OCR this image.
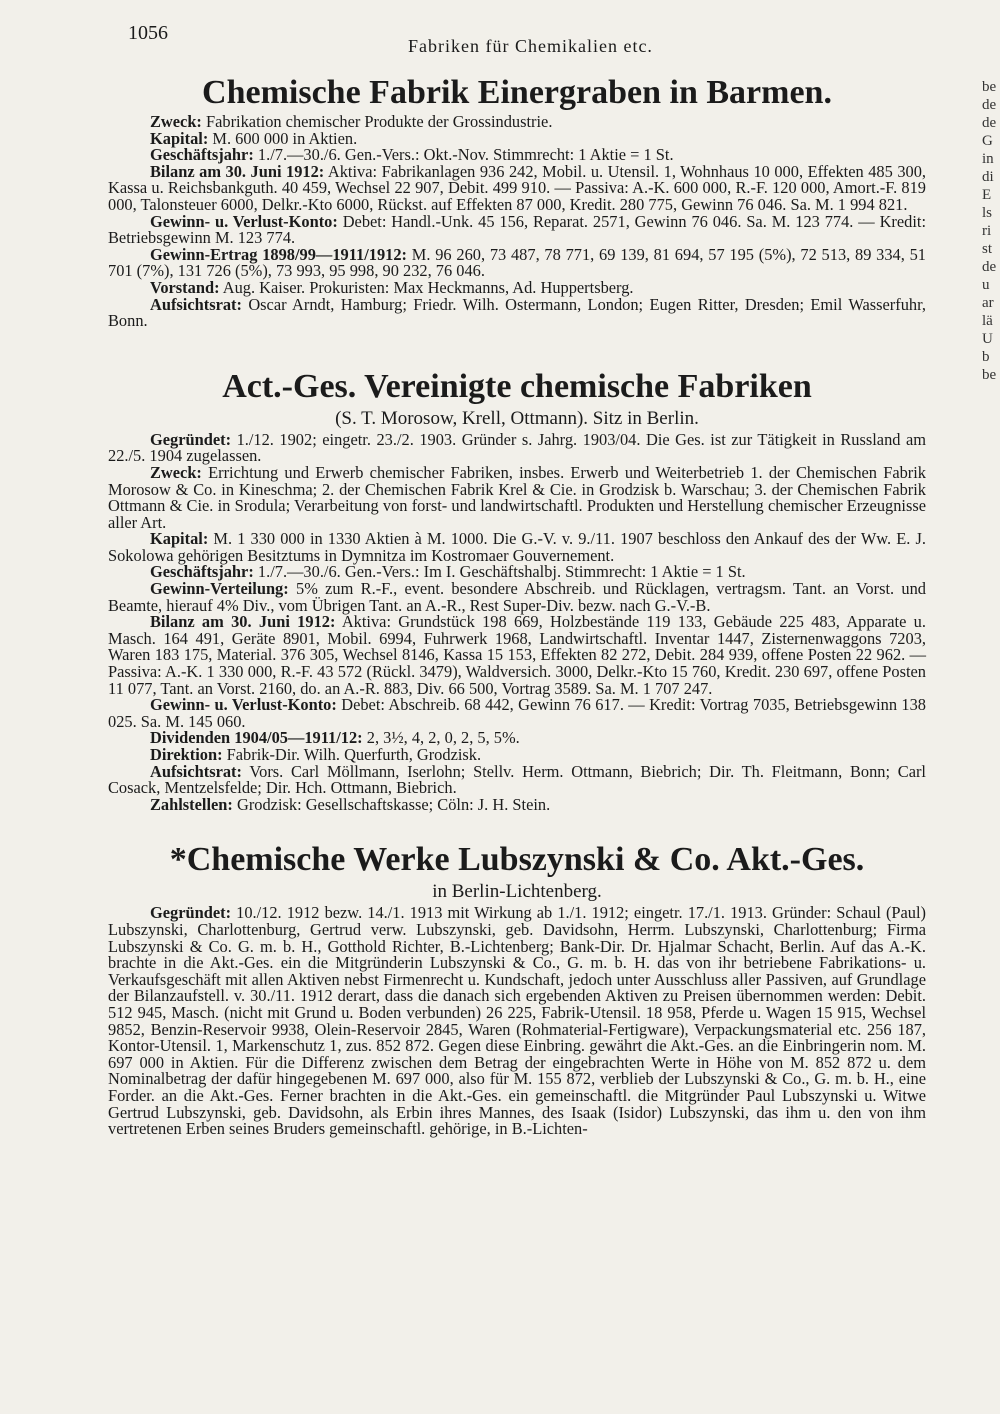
1056
Fabriken für Chemikalien etc.
be
de
de
G
in
di
E
ls
ri
st
de
u
ar
lä
U
b
be
Chemische Fabrik Einergraben in Barmen.

Zweck: Fabrikation chemischer Produkte der Grossindustrie.

Kapital: M. 600 000 in Aktien.

Geschäftsjahr: 1./7.—30./6. Gen.-Vers.: Okt.-Nov. Stimmrecht: 1 Aktie = 1 St.

Bilanz am 30. Juni 1912: Aktiva: Fabrikanlagen 936 242, Mobil. u. Utensil. 1, Wohnhaus 10 000, Effekten 485 300, Kassa u. Reichsbankguth. 40 459, Wechsel 22 907, Debit. 499 910. — Passiva: A.-K. 600 000, R.-F. 120 000, Amort.-F. 819 000, Talonsteuer 6000, Delkr.-Kto 6000, Rückst. auf Effekten 87 000, Kredit. 280 775, Gewinn 76 046. Sa. M. 1 994 821.

Gewinn- u. Verlust-Konto: Debet: Handl.-Unk. 45 156, Reparat. 2571, Gewinn 76 046. Sa. M. 123 774. — Kredit: Betriebsgewinn M. 123 774.

Gewinn-Ertrag 1898/99—1911/1912: M. 96 260, 73 487, 78 771, 69 139, 81 694, 57 195 (5%), 72 513, 89 334, 51 701 (7%), 131 726 (5%), 73 993, 95 998, 90 232, 76 046.

Vorstand: Aug. Kaiser. Prokuristen: Max Heckmanns, Ad. Huppertsberg.

Aufsichtsrat: Oscar Arndt, Hamburg; Friedr. Wilh. Ostermann, London; Eugen Ritter, Dresden; Emil Wasserfuhr, Bonn.

Act.-Ges. Vereinigte chemische Fabriken
(S. T. Morosow, Krell, Ottmann). Sitz in Berlin.

Gegründet: 1./12. 1902; eingetr. 23./2. 1903. Gründer s. Jahrg. 1903/04. Die Ges. ist zur Tätigkeit in Russland am 22./5. 1904 zugelassen.

Zweck: Errichtung und Erwerb chemischer Fabriken, insbes. Erwerb und Weiterbetrieb 1. der Chemischen Fabrik Morosow & Co. in Kineschma; 2. der Chemischen Fabrik Krel & Cie. in Grodzisk b. Warschau; 3. der Chemischen Fabrik Ottmann & Cie. in Srodula; Verarbeitung von forst- und landwirtschaftl. Produkten und Herstellung chemischer Erzeugnisse aller Art.

Kapital: M. 1 330 000 in 1330 Aktien à M. 1000. Die G.-V. v. 9./11. 1907 beschloss den Ankauf des der Ww. E. J. Sokolowa gehörigen Besitztums in Dymnitza im Kostromaer Gouvernement.

Geschäftsjahr: 1./7.—30./6. Gen.-Vers.: Im I. Geschäftshalbj. Stimmrecht: 1 Aktie = 1 St.

Gewinn-Verteilung: 5% zum R.-F., event. besondere Abschreib. und Rücklagen, vertragsm. Tant. an Vorst. und Beamte, hierauf 4% Div., vom Übrigen Tant. an A.-R., Rest Super-Div. bezw. nach G.-V.-B.

Bilanz am 30. Juni 1912: Aktiva: Grundstück 198 669, Holzbestände 119 133, Gebäude 225 483, Apparate u. Masch. 164 491, Geräte 8901, Mobil. 6994, Fuhrwerk 1968, Landwirtschaftl. Inventar 1447, Zisternenwaggons 7203, Waren 183 175, Material. 376 305, Wechsel 8146, Kassa 15 153, Effekten 82 272, Debit. 284 939, offene Posten 22 962. — Passiva: A.-K. 1 330 000, R.-F. 43 572 (Rückl. 3479), Waldversich. 3000, Delkr.-Kto 15 760, Kredit. 230 697, offene Posten 11 077, Tant. an Vorst. 2160, do. an A.-R. 883, Div. 66 500, Vortrag 3589. Sa. M. 1 707 247.

Gewinn- u. Verlust-Konto: Debet: Abschreib. 68 442, Gewinn 76 617. — Kredit: Vortrag 7035, Betriebsgewinn 138 025. Sa. M. 145 060.

Dividenden 1904/05—1911/12: 2, 3½, 4, 2, 0, 2, 5, 5%.

Direktion: Fabrik-Dir. Wilh. Querfurth, Grodzisk.

Aufsichtsrat: Vors. Carl Möllmann, Iserlohn; Stellv. Herm. Ottmann, Biebrich; Dir. Th. Fleitmann, Bonn; Carl Cosack, Mentzelsfelde; Dir. Hch. Ottmann, Biebrich.

Zahlstellen: Grodzisk: Gesellschaftskasse; Cöln: J. H. Stein.

*Chemische Werke Lubszynski & Co. Akt.-Ges.
in Berlin-Lichtenberg.

Gegründet: 10./12. 1912 bezw. 14./1. 1913 mit Wirkung ab 1./1. 1912; eingetr. 17./1. 1913. Gründer: Schaul (Paul) Lubszynski, Charlottenburg, Gertrud verw. Lubszynski, geb. Davidsohn, Herrm. Lubszynski, Charlottenburg; Firma Lubszynski & Co. G. m. b. H., Gotthold Richter, B.-Lichtenberg; Bank-Dir. Dr. Hjalmar Schacht, Berlin. Auf das A.-K. brachte in die Akt.-Ges. ein die Mitgründerin Lubszynski & Co., G. m. b. H. das von ihr betriebene Fabrikations- u. Verkaufsgeschäft mit allen Aktiven nebst Firmenrecht u. Kundschaft, jedoch unter Ausschluss aller Passiven, auf Grundlage der Bilanzaufstell. v. 30./11. 1912 derart, dass die danach sich ergebenden Aktiven zu Preisen übernommen werden: Debit. 512 945, Masch. (nicht mit Grund u. Boden verbunden) 26 225, Fabrik-Utensil. 18 958, Pferde u. Wagen 15 915, Wechsel 9852, Benzin-Reservoir 9938, Olein-Reservoir 2845, Waren (Rohmaterial-Fertigware), Verpackungsmaterial etc. 256 187, Kontor-Utensil. 1, Markenschutz 1, zus. 852 872. Gegen diese Einbring. gewährt die Akt.-Ges. an die Einbringerin nom. M. 697 000 in Aktien. Für die Differenz zwischen dem Betrag der eingebrachten Werte in Höhe von M. 852 872 u. dem Nominalbetrag der dafür hingegebenen M. 697 000, also für M. 155 872, verblieb der Lubszynski & Co., G. m. b. H., eine Forder. an die Akt.-Ges. Ferner brachten in die Akt.-Ges. ein gemeinschaftl. die Mitgründer Paul Lubszynski u. Witwe Gertrud Lubszynski, geb. Davidsohn, als Erbin ihres Mannes, des Isaak (Isidor) Lubszynski, das ihm u. den von ihm vertretenen Erben seines Bruders gemeinschaftl. gehörige, in B.-Lichten-
